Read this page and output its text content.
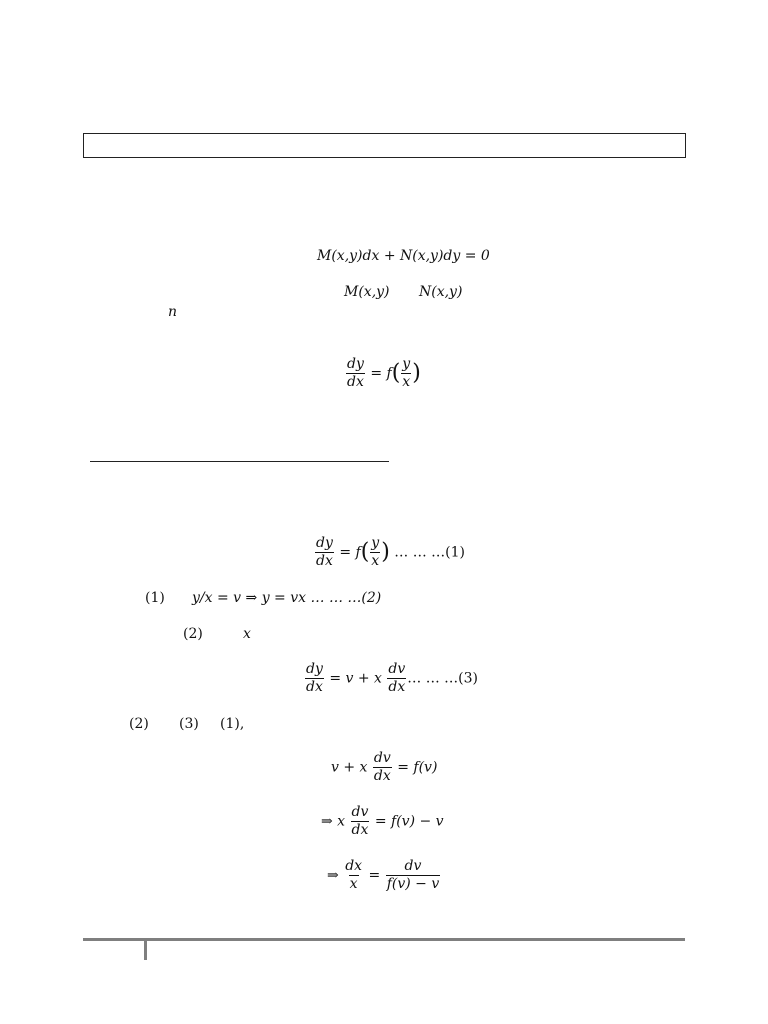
M(x,y)dx + N(x,y)dy = 0
M(x,y) N(x,y)
n
$\frac{dy}{dx} = f( \frac{y}{x}$ )
$\frac{dy}{dx} = f( \frac{y}{x}$ ) … … …(1)
(1) y/x = v ⇒ y = vx … … …(2)
(2)	x
$\frac{dy}{dx} = v + x \frac{dv}{dx}$ … … …(3)
(2) (3) (1),
v + x $\frac{dv}{dx} = f(v)$
⇒ x $\frac{dv}{dx} = f(v) - v$
⇒ $\frac{dx}{x} = \frac{dv}{f(v) - v}$
